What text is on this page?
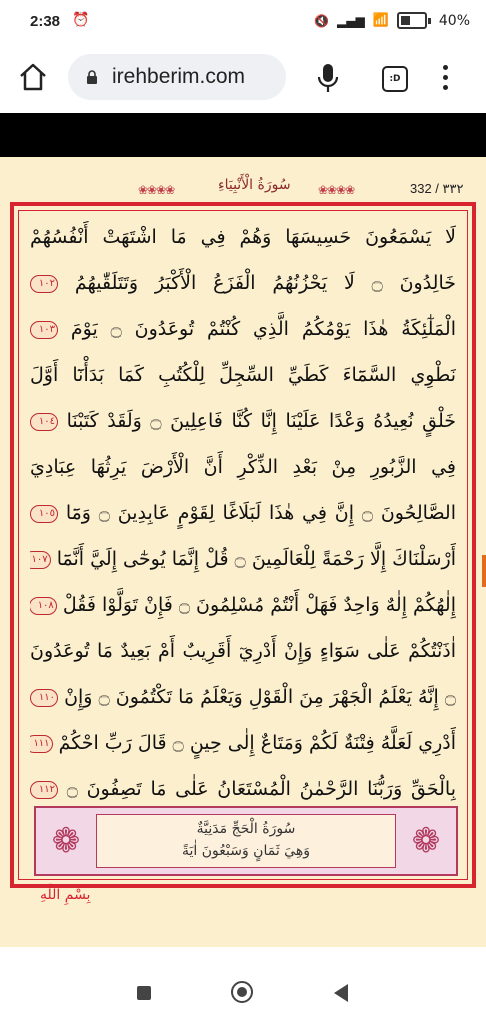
2:38 ⏰	🔇 ▂▄▆ 📶	40%
irehberim.com	:D
❀❀❀❀	سُورَةُ الْأَنْبِيَاءِ ❀❀❀❀	332 / ٣٣٢
لَا يَسْمَعُونَ حَسِيسَهَا وَهُمْ فِي مَا اشْتَهَتْ أَنْفُسُهُمْ
خَالِدُونَ ۝ لَا يَحْزُنُهُمُ الْفَزَعُ الْأَكْبَرُ وَتَتَلَقّٰيهُمُ ١٠٢
الْمَلٰٓئِكَةُ هٰذَا يَوْمُكُمُ الَّذِي كُنْتُمْ تُوعَدُونَ ۝ يَوْمَ ١٠٣
نَطْوِي السَّمَٓاءَ كَطَيِّ السِّجِلِّ لِلْكُتُبِ كَمَا بَدَأْنَٓا أَوَّلَ
خَلْقٍ نُعِيدُهُ وَعْدًا عَلَيْنَا إِنَّا كُنَّا فَاعِلِينَ ۝ وَلَقَدْ كَتَبْنَا ١٠٤
فِي الزَّبُورِ مِنْ بَعْدِ الذِّكْرِ أَنَّ الْأَرْضَ يَرِثُهَا عِبَادِيَ
الصَّالِحُونَ ۝ إِنَّ فِي هٰذَا لَبَلَاغًا لِقَوْمٍ عَابِدِينَ ۝ وَمَٓا ١٠٥
أَرْسَلْنَاكَ إِلَّا رَحْمَةً لِلْعَالَمِينَ ۝ قُلْ إِنَّمَا يُوحٰٓى إِلَيَّ أَنَّمَٓا ١٠٧
إِلٰهُكُمْ إِلٰهٌ وَاحِدٌ فَهَلْ أَنْتُمْ مُسْلِمُونَ ۝ فَإِنْ تَوَلَّوْا فَقُلْ ١٠٨
اٰذَنْتُكُمْ عَلٰى سَوَٓاءٍ وَإِنْ أَدْرِيٓ أَقَرِيبٌ أَمْ بَعِيدٌ مَا تُوعَدُونَ
۝ إِنَّهُ يَعْلَمُ الْجَهْرَ مِنَ الْقَوْلِ وَيَعْلَمُ مَا تَكْتُمُونَ ۝ وَإِنْ ١١٠
أَدْرِي لَعَلَّهُ فِتْنَةٌ لَكُمْ وَمَتَاعٌ إِلٰى حِينٍ ۝ قَالَ رَبِّ احْكُمْ ١١١
بِالْحَقِّ وَرَبُّنَا الرَّحْمٰنُ الْمُسْتَعَانُ عَلٰى مَا تَصِفُونَ ۝ ١١٢
❁	سُورَةُ الْحَجِّ مَدَنِيَّةٌ
وَهِيَ ثَمَانٍ وَسَبْعُونَ اٰيَةً	❁
بِسْمِ اللّٰهِ
